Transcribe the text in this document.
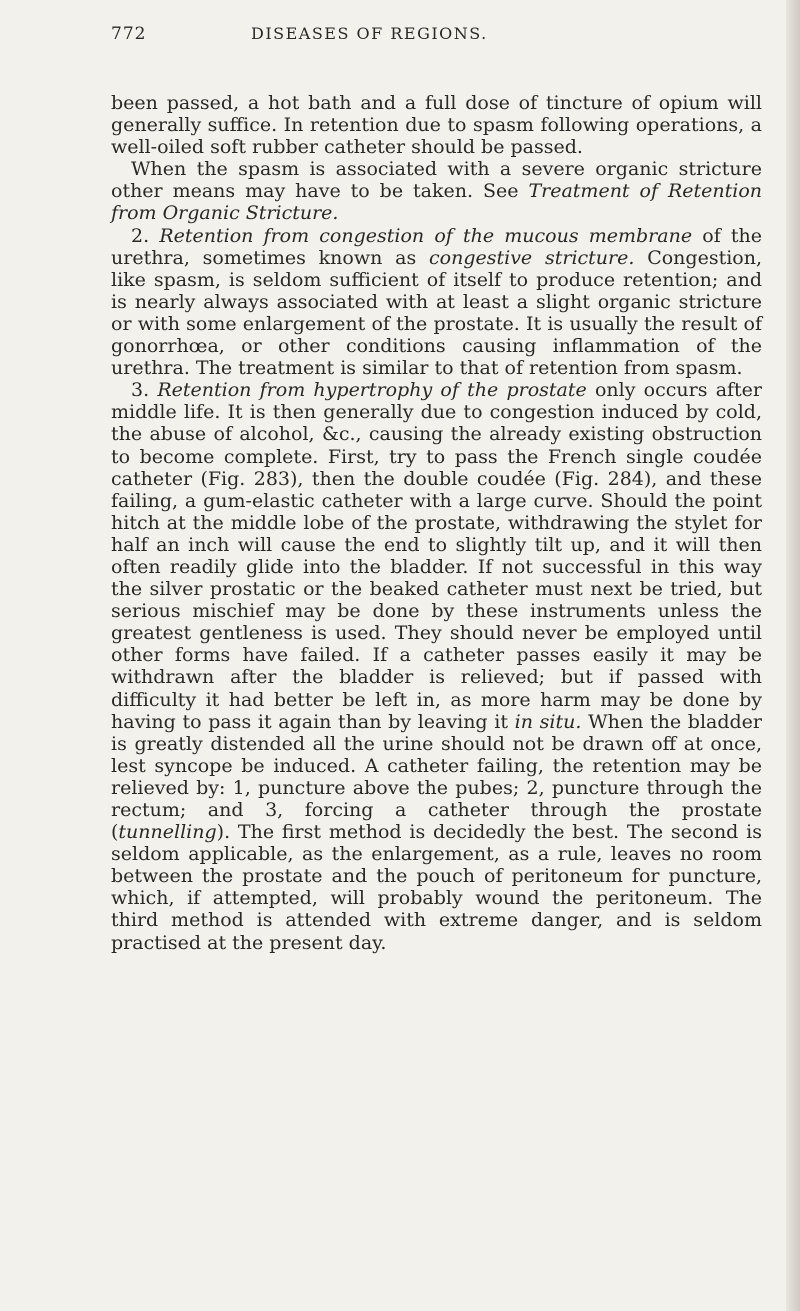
772	DISEASES OF REGIONS.

been passed, a hot bath and a full dose of tincture of opium will generally suffice. In retention due to spasm following operations, a well-oiled soft rubber catheter should be passed.

When the spasm is associated with a severe organic stricture other means may have to be taken. See Treatment of Retention from Organic Stricture.

2. Retention from congestion of the mucous membrane of the urethra, sometimes known as congestive stricture. Congestion, like spasm, is seldom sufficient of itself to produce retention; and is nearly always associated with at least a slight organic stricture or with some enlargement of the prostate. It is usually the result of gonorrhœa, or other conditions causing inflammation of the urethra. The treatment is similar to that of retention from spasm.

3. Retention from hypertrophy of the prostate only occurs after middle life. It is then generally due to congestion induced by cold, the abuse of alcohol, &c., causing the already existing obstruction to become complete. First, try to pass the French single coudée catheter (Fig. 283), then the double coudée (Fig. 284), and these failing, a gum-elastic catheter with a large curve. Should the point hitch at the middle lobe of the prostate, withdrawing the stylet for half an inch will cause the end to slightly tilt up, and it will then often readily glide into the bladder. If not successful in this way the silver prostatic or the beaked catheter must next be tried, but serious mischief may be done by these instruments unless the greatest gentleness is used. They should never be employed until other forms have failed. If a catheter passes easily it may be withdrawn after the bladder is relieved; but if passed with difficulty it had better be left in, as more harm may be done by having to pass it again than by leaving it in situ. When the bladder is greatly distended all the urine should not be drawn off at once, lest syncope be induced. A catheter failing, the retention may be relieved by: 1, puncture above the pubes; 2, puncture through the rectum; and 3, forcing a catheter through the prostate (tunnelling). The first method is decidedly the best. The second is seldom applicable, as the enlargement, as a rule, leaves no room between the prostate and the pouch of peritoneum for puncture, which, if attempted, will probably wound the peritoneum. The third method is attended with extreme danger, and is seldom practised at the present day.
